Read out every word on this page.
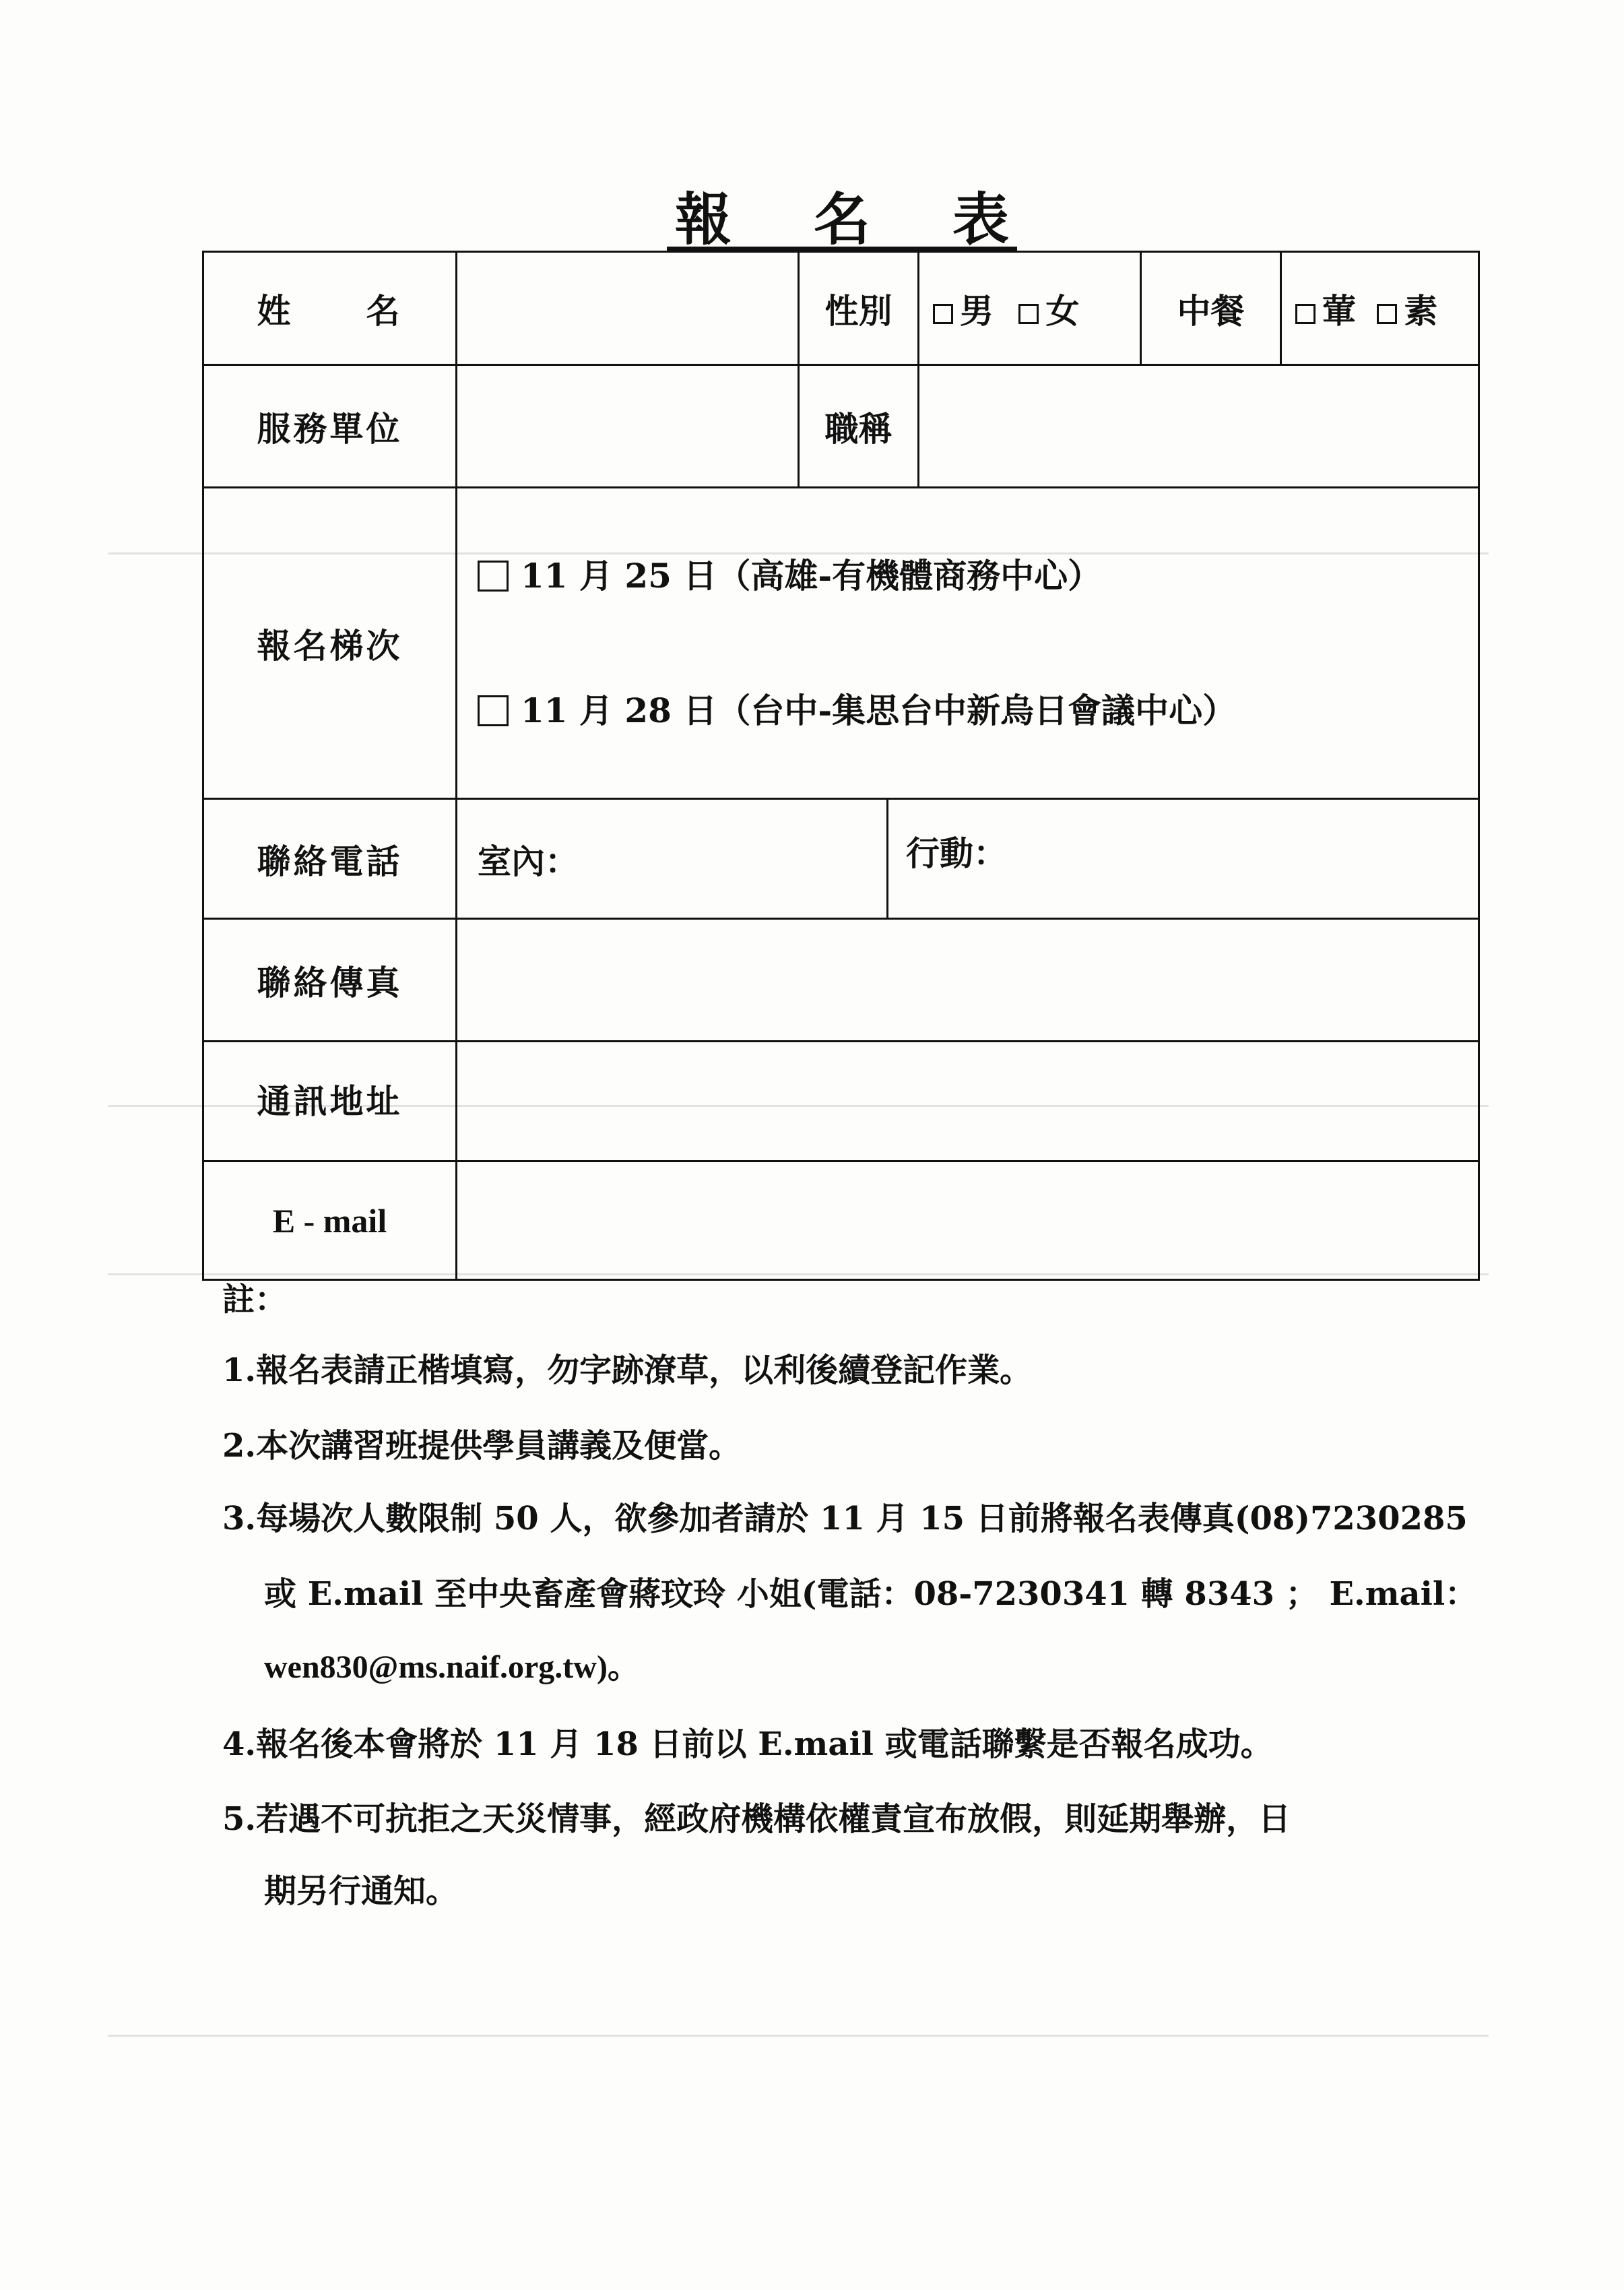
報 名 表
姓　　名		性別	男 女	中餐	葷 素
服務單位		職稱			
報名梯次	11 月 25 日（高雄-有機體商務中心）
11 月 28 日（台中-集思台中新烏日會議中心）				

聯絡電話	室內： 行動：				

聯絡傳真					
通訊地址					
E - mail					
註：
1.報名表請正楷填寫，勿字跡潦草，以利後續登記作業。
2.本次講習班提供學員講義及便當。
3.每場次人數限制 50 人，欲參加者請於 11 月 15 日前將報名表傳真(08)7230285
或 E.mail 至中央畜產會蔣玟玲 小姐(電話：08-7230341 轉 8343 ； E.mail：
wen830@ms.naif.org.tw)。
4.報名後本會將於 11 月 18 日前以 E.mail 或電話聯繫是否報名成功。
5.若遇不可抗拒之天災情事，經政府機構依權責宣布放假，則延期舉辦，日
期另行通知。
